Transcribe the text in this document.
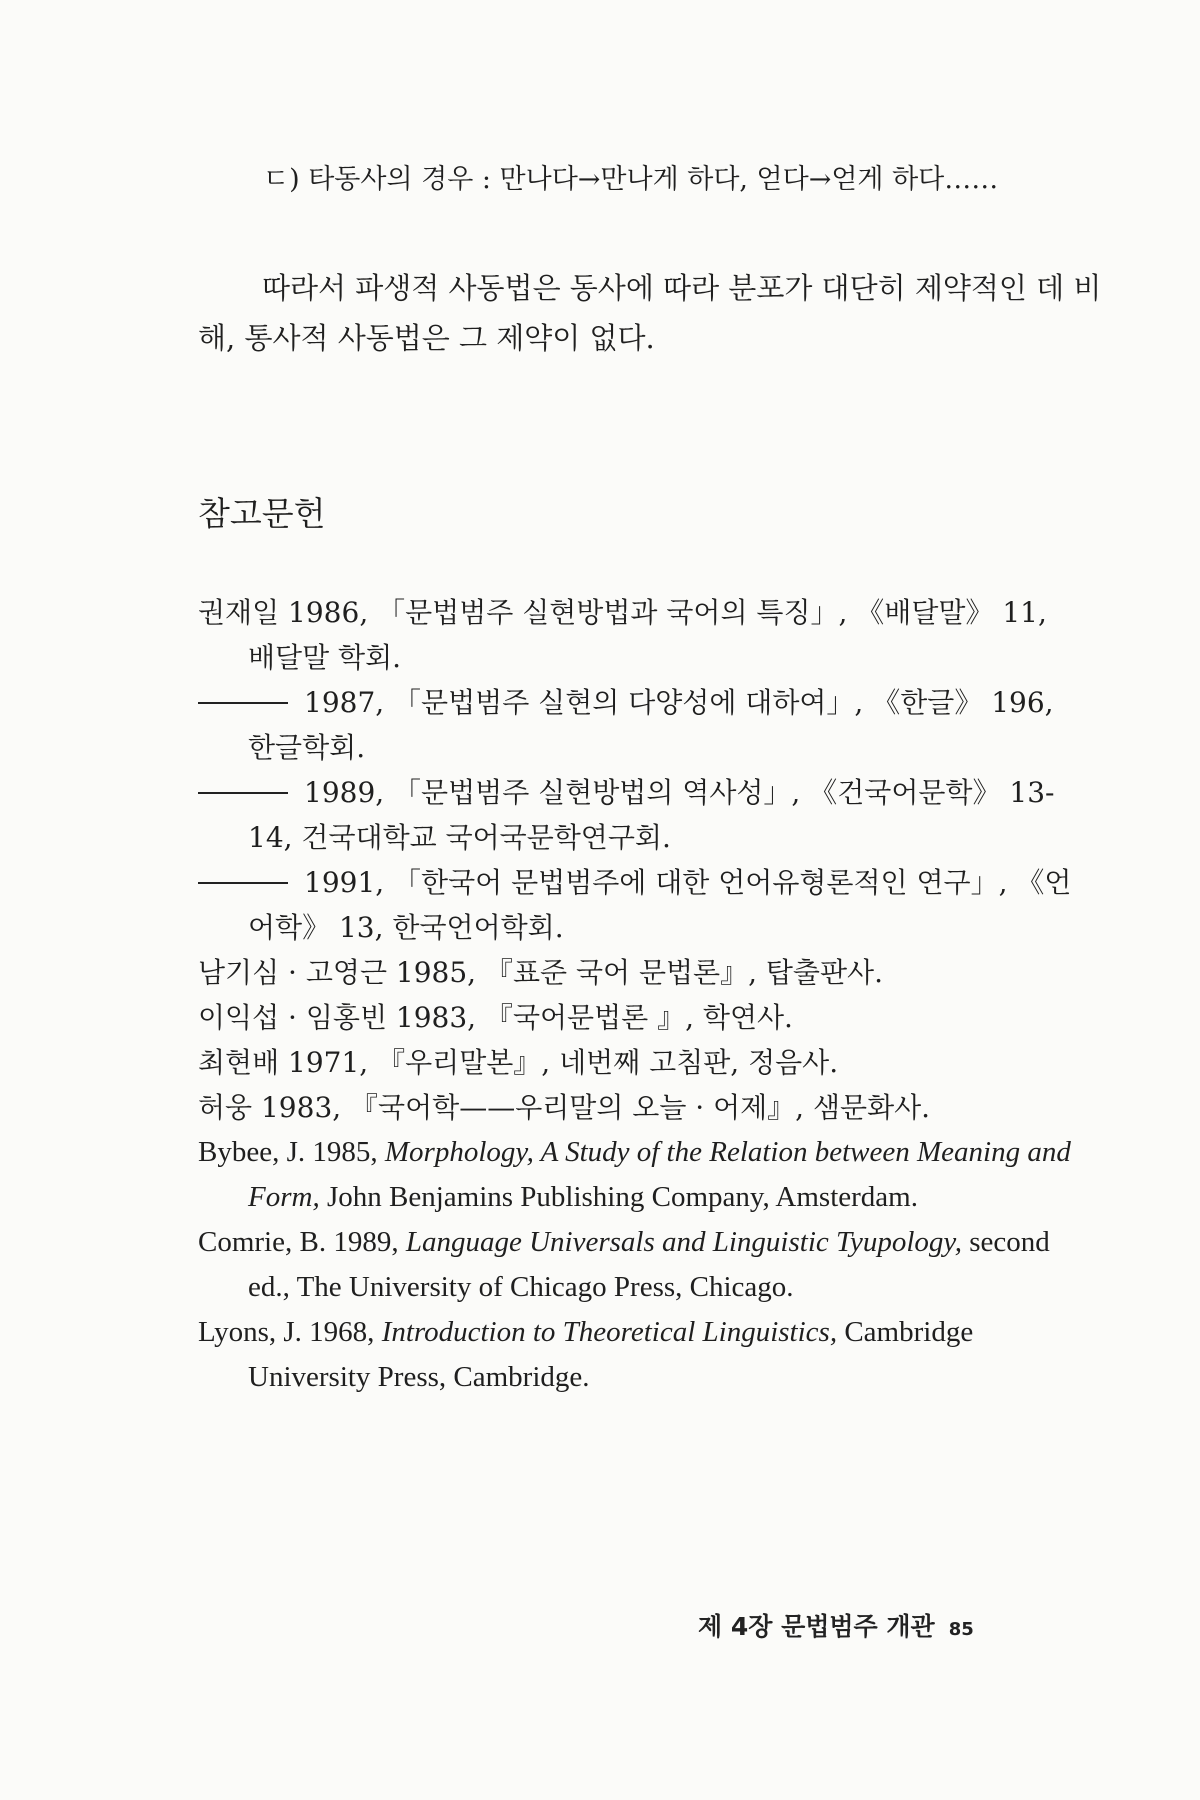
ㄷ) 타동사의 경우 : 만나다→만나게 하다, 얻다→얻게 하다……
따라서 파생적 사동법은 동사에 따라 분포가 대단히 제약적인 데 비
해, 통사적 사동법은 그 제약이 없다.
참고문헌

권재일 1986, 「문법범주 실현방법과 국어의 특징」, 《배달말》 11, 배달말 학회.

1987, 「문법범주 실현의 다양성에 대하여」, 《한글》 196, 한글학회.

1989, 「문법범주 실현방법의 역사성」, 《건국어문학》 13-14, 건국대학교 국어국문학연구회.

1991, 「한국어 문법범주에 대한 언어유형론적인 연구」, 《언어학》 13, 한국언어학회.

남기심 · 고영근 1985, 『표준 국어 문법론』, 탑출판사.

이익섭 · 임홍빈 1983, 『국어문법론 』, 학연사.

최현배 1971, 『우리말본』, 네번째 고침판, 정음사.

허웅 1983, 『국어학——우리말의 오늘 · 어제』, 샘문화사.

Bybee, J. 1985, Morphology, A Study of the Relation between Meaning and Form, John Benjamins Publishing Company, Amsterdam.

Comrie, B. 1989, Language Universals and Linguistic Tyupology, second ed., The University of Chicago Press, Chicago.

Lyons, J. 1968, Introduction to Theoretical Linguistics, Cambridge University Press, Cambridge.

제 4장 문법범주 개관 85
